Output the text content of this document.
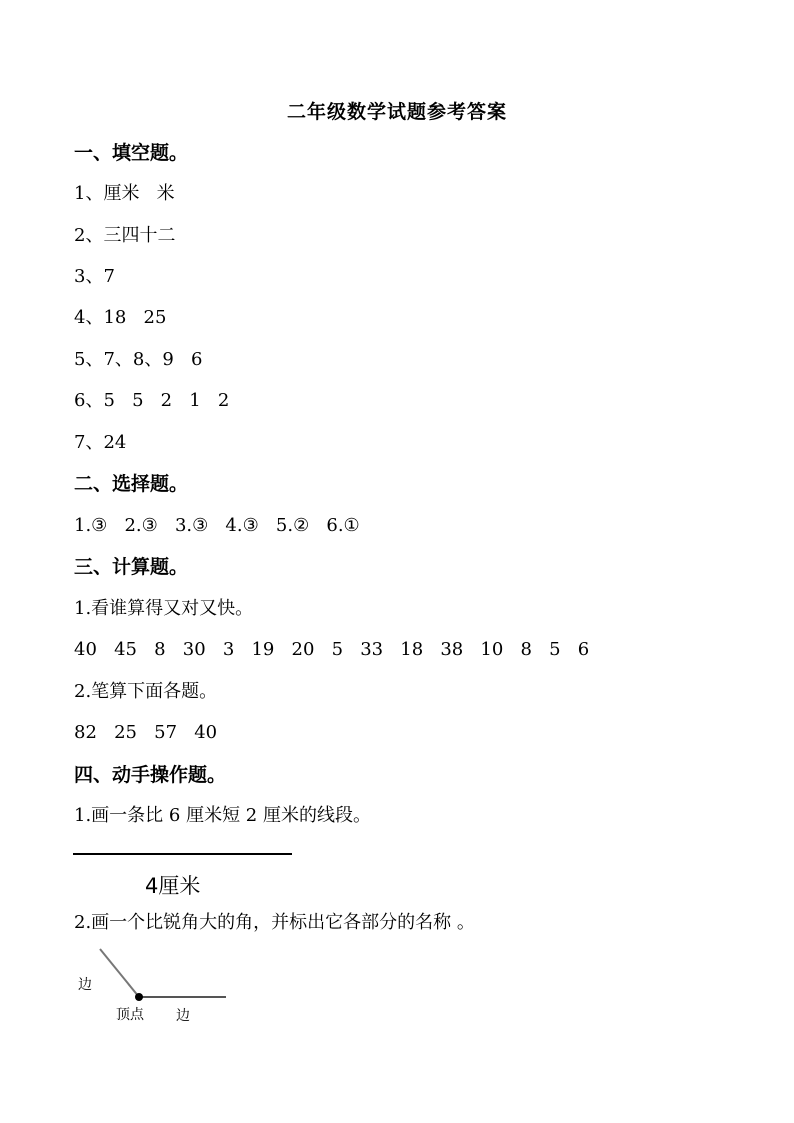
二年级数学试题参考答案
一、填空题。
1、厘米   米
2、三四十二
3、7
4、18   25
5、7、8、9   6
6、5   5   2   1   2
7、24
二、选择题。
1.③   2.③   3.③   4.③   5.②   6.①
三、计算题。
1.看谁算得又对又快。
40   45   8   30   3   19   20   5   33   18   38   10   8   5   6
2.笔算下面各题。
82   25   57   40
四、动手操作题。
1.画一条比 6 厘米短 2 厘米的线段。
4厘米
2.画一个比锐角大的角，并标出它各部分的名称 。
边
顶点 边
